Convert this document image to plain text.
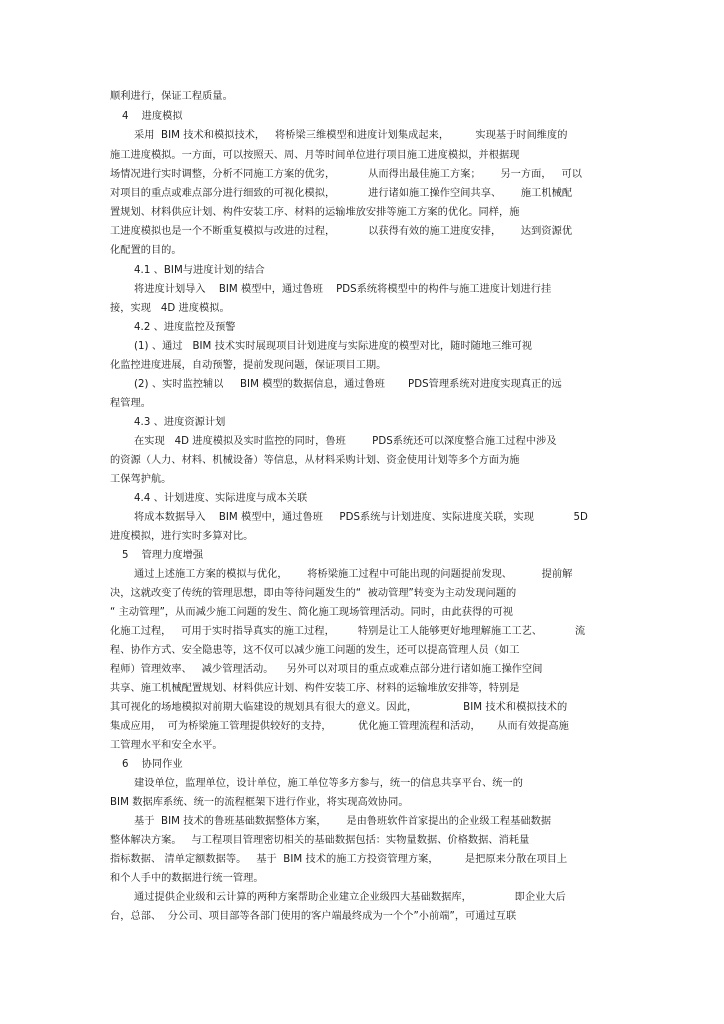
顺利进行，保证工程质量。
4    进度模拟
采用  BIM 技术和模拟技术，   将桥梁三维模型和进度计划集成起来，        实现基于时间维度的
施工进度模拟。一方面，可以按照天、周、月等时间单位进行项目施工进度模拟，并根据现
场情况进行实时调整，分析不同施工方案的优劣，          从而得出最佳施工方案；      另一方面，   可以
对项目的重点或难点部分进行细致的可视化模拟，          进行诸如施工操作空间共享、      施工机械配
置规划、材料供应计划、构件安装工序、材料的运输堆放安排等施工方案的优化。同样，施
工进度模拟也是一个不断重复模拟与改进的过程，          以获得有效的施工进度安排，      达到资源优
化配置的目的。
4.1 、BIM与进度计划的结合
将进度计划导入    BIM 模型中，通过鲁班    PDS系统将模型中的构件与施工进度计划进行挂
接，实现   4D 进度模拟。
4.2 、进度监控及预警
(1) 、通过   BIM 技术实时展现项目计划进度与实际进度的模型对比，随时随地三维可视
化监控进度进展，自动预警，提前发现问题，保证项目工期。
(2) 、实时监控辅以     BIM 模型的数据信息，通过鲁班       PDS管理系统对进度实现真正的远
程管理。
4.3 、进度资源计划
在实现   4D 进度模拟及实时监控的同时，鲁班        PDS系统还可以深度整合施工过程中涉及
的资源（人力、材料、机械设备）等信息，从材料采购计划、资金使用计划等多个方面为施
工保驾护航。
4.4 、计划进度、实际进度与成本关联
将成本数据导入    BIM 模型中，通过鲁班     PDS系统与计划进度、实际进度关联，实现            5D
进度模拟，进行实时多算对比。
5    管理力度增强
通过上述施工方案的模拟与优化，      将桥梁施工过程中可能出现的问题提前发现、         提前解
决，这就改变了传统的管理思想，即由等待问题发生的“  被动管理”转变为主动发现问题的
“ 主动管理”，从而减少施工问题的发生、简化施工现场管理活动。同时，由此获得的可视
化施工过程，   可用于实时指导真实的施工过程，       特别是让工人能够更好地理解施工工艺、          流
程、协作方式、安全隐患等，这不仅可以减少施工问题的发生，还可以提高管理人员（如工
程师）管理效率、   减少管理活动。    另外可以对项目的重点或难点部分进行诸如施工操作空间
共享、施工机械配置规划、材料供应计划、构件安装工序、材料的运输堆放安排等，特别是
其可视化的场地模拟对前期大临建设的规划具有很大的意义。因此，              BIM 技术和模拟技术的
集成应用，  可为桥梁施工管理提供较好的支持，        优化施工管理流程和活动，     从而有效提高施
工管理水平和安全水平。
6    协同作业
建设单位，监理单位，设计单位，施工单位等多方参与，统一的信息共享平台、统一的
BIM 数据库系统、统一的流程框架下进行作业，将实现高效协同。
基于  BIM 技术的鲁班基础数据整体方案，      是由鲁班软件首家提出的企业级工程基础数据
整体解决方案。   与工程项目管理密切相关的基础数据包括：实物量数据、价格数据、消耗量
指标数据、 清单定额数据等。   基于  BIM 技术的施工方投资管理方案，        是把原来分散在项目上
和个人手中的数据进行统一管理。
通过提供企业级和云计算的两种方案帮助企业建立企业级四大基础数据库，             即企业大后
台，总部、  分公司、项目部等各部门使用的客户端最终成为一个个”小前端”，可通过互联
